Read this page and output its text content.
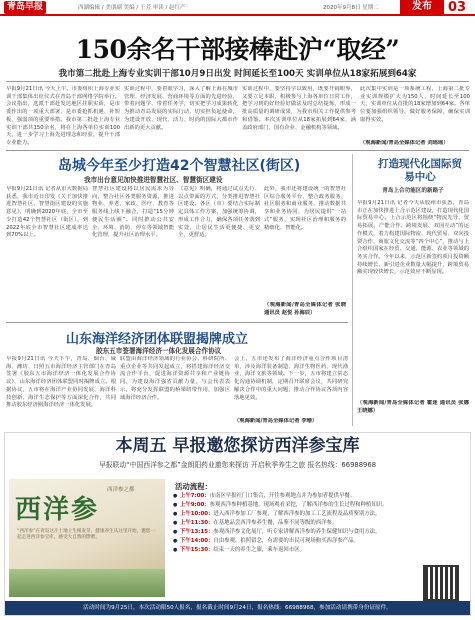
青岛早报	西湖编辑 / 美朋副 美编 / 王芳 审读 / 赵红产	2020年9月8日 星期二	发布	03
150余名干部接棒赴沪“取经”
我市第二批赴上海专业实训干部10月9日出发 时间延长至100天 实训单位从18家拓展到64家
早报9月21日讯 今天上午，市委组织上海专业实训干部集体出征仪式在青岛干部网络学院举行。会议指出，选派干部赴发达地区挂职实训，是市委作出的一项重大部署，是市委抢抓机遇、补短板、强弱项的重要举措。我市第二批赴上海专业实训干部共150余名，将在上海各单位实训100天，进一步学习上海先进理念和经验，提升干部专业能力。
实训过程中，要着眼学习，深入了解上海在城市管理、经济发展、营商环境等方面的先进经验，带着问题学、带着任务学，切实把学习成果转化为推动青岛发展的实际行动，切实担负起使命，为建设开放、现代、活力、时尚的国际大都市作出新的更大贡献。
实训过程中，要坚持学以致用，既要开阔眼界，又要立足本职，积极参与上海各单位日常工作，把学习到的好经验好做法及时总结提炼，形成一批高质量的调研成果，为我市相关工作提供参考和借鉴。本次实训单位从18家拓展到64家，涵盖政府部门、国有企业、金融机构等领域。
此次集中实训是一项系统工程，上海第二批专业实训规模扩大为150人，时间延长至100天，实训单位从首批的18家增加到64家。各单位要加强组织领导，做好服务保障，确保实训取得实效。
（观海新闻/青岛全媒体记者 刘瑶瑶）
岛城今年至少打造42个智慧社区(街区)
我市出台意见加快推进智慧社区、智慧街区建设
早报9月21日讯 记者从市大数据局获悉，我市近日印发《关于加快推进智慧社区、智慧街区建设的实施意见》，明确到2020年底，全市至少打造42个智慧社区（街区），到2022年底全市智慧社区建成率达到70%以上。
智慧社区建设将以居民需求为导向，整合社区各类服务资源，推进物业、养老、家政、医疗、教育等服务线上线下融合，打造“15分钟便民生活圈”。同时推动公共安全、环境、消防、停车等领域智能化管理，提升社区治理水平。
《意见》明确，将通过试点先行、以点带面的方式，分类推进智慧社区建设。各区（市）要结合实际制定具体工作方案，加强统筹协调，形成工作合力，确保各项任务落到实处，让居民生活更便捷、更安全、更舒适。
此外，我市还将建设统一的智慧社区综合服务平台，整合政务服务、社区服务和商业服务，推动数据共享和业务协同，为居民提供“一站式”服务，实现社区治理和服务的精细化、智能化。
（观海新闻/青岛全媒体记者 张晓 通讯员 赵悦 孙海辰）
打造现代化国际贸易中心
青岛上合功能区的新路子
早报9月21日讯 记者今天从胶州市获悉，青岛市正在加快推进上合示范区建设，打造现代化国际贸易中心。上合示范区将围绕“物流先导、贸易拓展、产能合作、跨境发展、双园互动”的运作模式，着力构建国际物流、现代贸易、双向投资合作、商旅文化交流等“四个中心”，推动与上合组织国家在经贸、交通、能源、农业等领域的务实合作。今年以来，示范区新签约项目投资额持续增长，新引进企业数量大幅提升，跨境贸易额实现较快增长，示范效应不断显现。
（观海新闻/青岛全媒体记者 霍迷 通讯员 张娜 王晓娜）
山东海洋经济团体联盟揭牌成立
胶东五市签署海洋经济一体化发展合作协议
早报9月21日讯 今天下午，青岛、烟台、威海、潍坊、日照五市海洋经济主管部门在青岛签署《胶东五市海洋经济一体化发展合作协议》，山东海洋经济团体联盟同时揭牌成立。根据协议，五市将在海洋产业协同发展、海洋科技创新、海洋生态保护等方面深化合作，共同推动胶东经济圈海洋经济一体化发展。
联盟由海洋经济领域的行业协会、科研院所、重点企业等共同发起成立，将搭建海洋经济交流合作平台，促进海洋资源共享和产业链协同，为建设海洋强省贡献力量。与会代表表示，将充分发挥联盟的桥梁纽带作用，加强区域海洋经济合作。
会上，五市还发布了海洋经济重点合作项目清单，涉及海洋装备制造、海洋生物医药、现代渔业、海洋文旅等领域。下一步，五市将建立常态化沟通协调机制，定期召开联席会议，共同研究解决合作中的重大问题，推动合作协议各项内容落地见效。
（观海新闻/青岛全媒体记者 李珊）
本周五 早报邀您探访西洋参宝库
早报联动“中国西洋参之都”金朗阳药业邀您来探访 开启秋季养生之旅 报名热线：66988968
西洋参
西洋参之都
“西洋参”在青岛这片土地上生根发芽，健康养生从这里开始，邀您一起走进西洋参宝库，感受大自然的馈赠。
活动流程：
● 上午7:00：市南区早报社门口集合，开往参观地点并为参加者提供早餐。
● 上午9:00：参观西洋参种植基地，现场观看采挖，了解西洋参的生长过程和种植知识。
● 上午10:00：进入西洋参加工厂参观，了解西洋参的加工工艺流程及品质鉴别方法。
● 上午11:30：在基地品尝西洋参养生餐，品鉴不同等级的西洋参。
● 下午13:15：参观西洋参文化展厅，听专家讲解西洋参的养生保健知识与食用方法。
● 下午14:00：自由参观、拍照留念，有需要的市民可现场购买西洋参产品。
● 下午15:30：结束一天的养生之旅，乘车返回市区。
活动时间为9月25日，本次活动限50人报名，报名截止时间9月24日，报名热线：66988968，参加活动请携带身份证原件。
